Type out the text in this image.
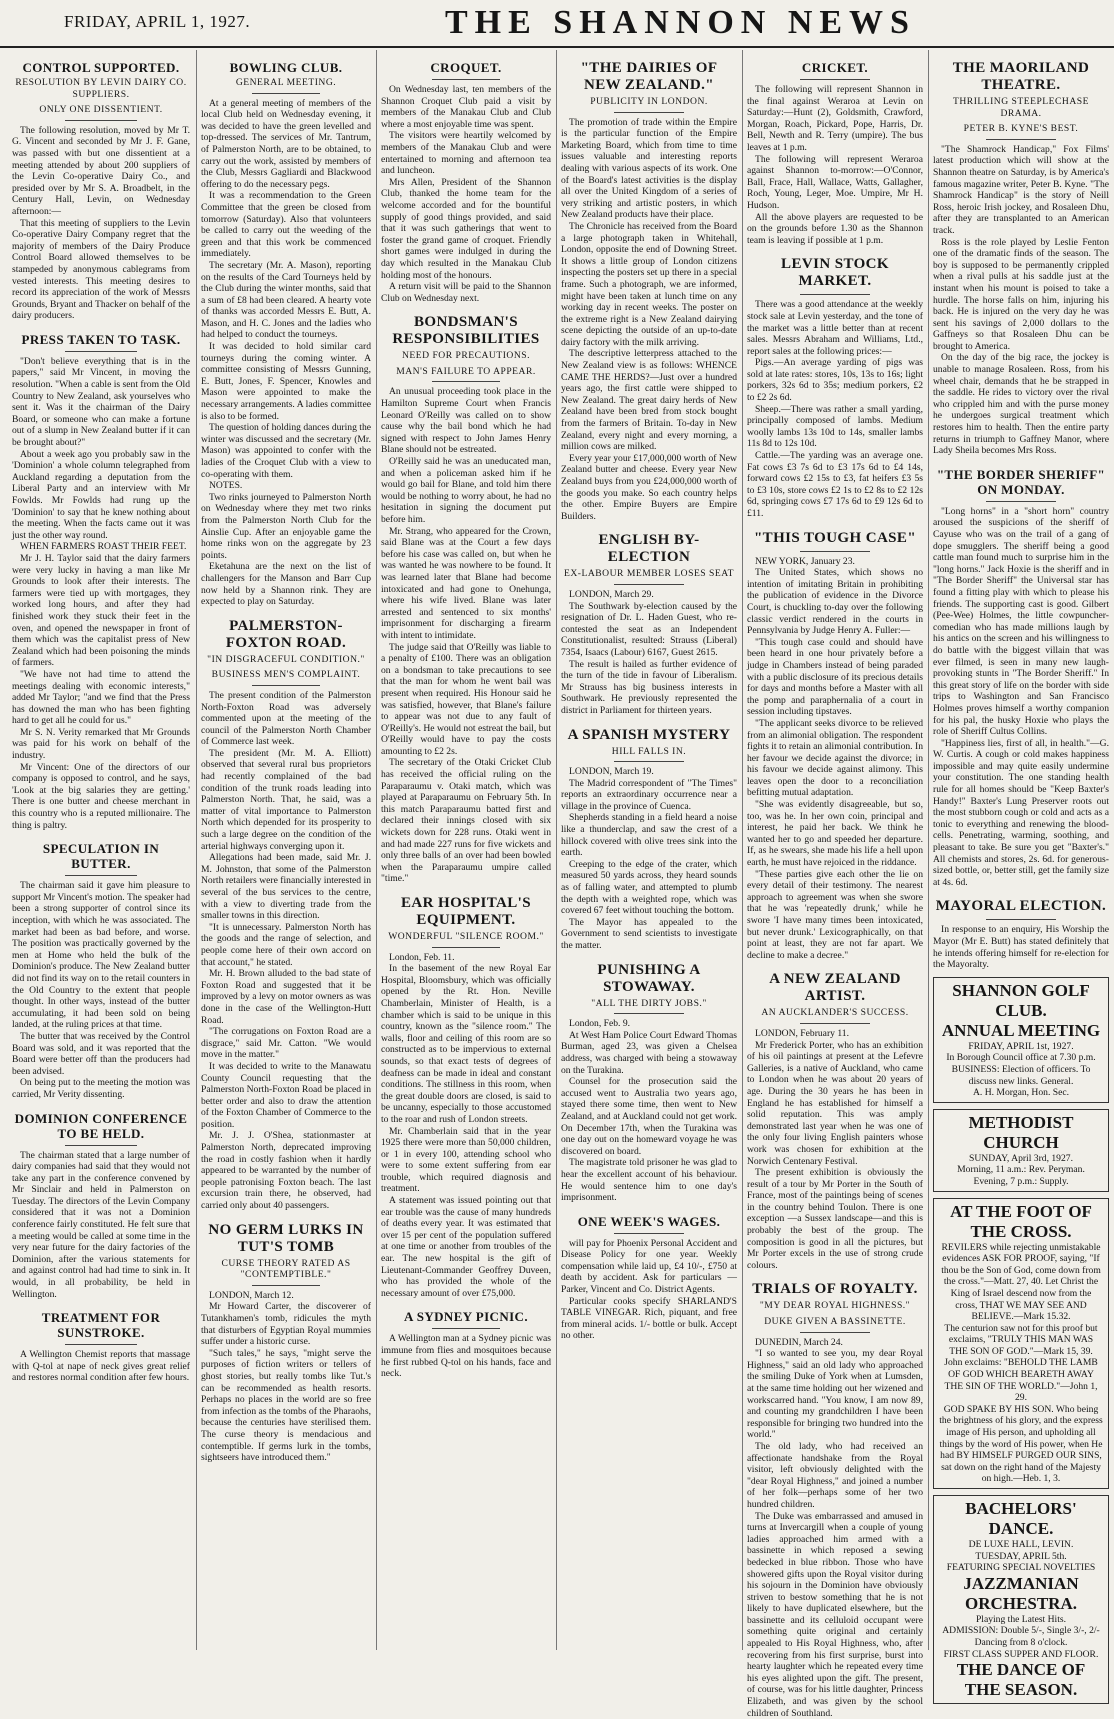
FRIDAY, APRIL 1, 1927.	THE SHANNON NEWS
CONTROL SUPPORTED.
RESOLUTION BY LEVIN DAIRY CO. SUPPLIERS.
ONLY ONE DISSENTIENT.

The following resolution, moved by Mr T. G. Vincent and seconded by Mr J. F. Gane, was passed with but one dissentient at a meeting attended by about 200 suppliers of the Levin Co-operative Dairy Co., and presided over by Mr S. A. Broadbelt, in the Century Hall, Levin, on Wednesday afternoon:—

That this meeting of suppliers to the Levin Co-operative Dairy Company regret that the majority of members of the Dairy Produce Control Board allowed themselves to be stampeded by anonymous cablegrams from vested interests. This meeting desires to record its appreciation of the work of Messrs Grounds, Bryant and Thacker on behalf of the dairy producers.

PRESS TAKEN TO TASK.

"Don't believe everything that is in the papers," said Mr Vincent, in moving the resolution. "When a cable is sent from the Old Country to New Zealand, ask yourselves who sent it. Was it the chairman of the Dairy Board, or someone who can make a fortune out of a slump in New Zealand butter if it can be brought about?"

About a week ago you probably saw in the 'Dominion' a whole column telegraphed from Auckland regarding a deputation from the Liberal Party and an interview with Mr Fowlds. Mr Fowlds had rung up the 'Dominion' to say that he knew nothing about the meeting. When the facts came out it was just the other way round.

WHEN FARMERS ROAST THEIR FEET.

Mr J. H. Taylor said that the dairy farmers were very lucky in having a man like Mr Grounds to look after their interests. The farmers were tied up with mortgages, they worked long hours, and after they had finished work they stuck their feet in the oven, and opened the newspaper in front of them which was the capitalist press of New Zealand which had been poisoning the minds of farmers.

"We have not had time to attend the meetings dealing with economic interests," added Mr Taylor; "and we find that the Press has downed the man who has been fighting hard to get all he could for us."

Mr S. N. Verity remarked that Mr Grounds was paid for his work on behalf of the industry.

Mr Vincent: One of the directors of our company is opposed to control, and he says, 'Look at the big salaries they are getting.' There is one butter and cheese merchant in this country who is a reputed millionaire. The thing is paltry.

SPECULATION IN BUTTER.

The chairman said it gave him pleasure to support Mr Vincent's motion. The speaker had been a strong supporter of control since its inception, with which he was associated. The market had been as bad before, and worse. The position was practically governed by the men at Home who held the bulk of the Dominion's produce. The New Zealand butter did not find its way on to the retail counters in the Old Country to the extent that people thought. In other ways, instead of the butter accumulating, it had been sold on being landed, at the ruling prices at that time.

The butter that was received by the Control Board was sold, and it was reported that the Board were better off than the producers had been advised.

On being put to the meeting the motion was carried, Mr Verity dissenting.

DOMINION CONFERENCE TO BE HELD.

The chairman stated that a large number of dairy companies had said that they would not take any part in the conference convened by Mr Sinclair and held in Palmerston on Tuesday. The directors of the Levin Company considered that it was not a Dominion conference fairly constituted. He felt sure that a meeting would be called at some time in the very near future for the dairy factories of the Dominion, after the various statements for and against control had had time to sink in. It would, in all probability, be held in Wellington.

TREATMENT FOR SUNSTROKE.

A Wellington Chemist reports that massage with Q-tol at nape of neck gives great relief and restores normal condition after few hours.

BOWLING CLUB.
GENERAL MEETING.

At a general meeting of members of the local Club held on Wednesday evening, it was decided to have the green levelled and top-dressed. The services of Mr. Tantrum, of Palmerston North, are to be obtained, to carry out the work, assisted by members of the Club, Messrs Gagliardi and Blackwood offering to do the necessary pegs.

It was a recommendation to the Green Committee that the green be closed from tomorrow (Saturday). Also that volunteers be called to carry out the weeding of the green and that this work be commenced immediately.

The secretary (Mr. A. Mason), reporting on the results of the Card Tourneys held by the Club during the winter months, said that a sum of £8 had been cleared. A hearty vote of thanks was accorded Messrs E. Butt, A. Mason, and H. C. Jones and the ladies who had helped to conduct the tourneys.

It was decided to hold similar card tourneys during the coming winter. A committee consisting of Messrs Gunning, E. Butt, Jones, F. Spencer, Knowles and Mason were appointed to make the necessary arrangements. A ladies committee is also to be formed.

The question of holding dances during the winter was discussed and the secretary (Mr. Mason) was appointed to confer with the ladies of the Croquet Club with a view to co-operating with them.

NOTES.

Two rinks journeyed to Palmerston North on Wednesday where they met two rinks from the Palmerston North Club for the Ainslie Cup. After an enjoyable game the home rinks won on the aggregate by 23 points.

Eketahuna are the next on the list of challengers for the Manson and Barr Cup now held by a Shannon rink. They are expected to play on Saturday.

PALMERSTON-FOXTON ROAD.
"IN DISGRACEFUL CONDITION."
BUSINESS MEN'S COMPLAINT.

The present condition of the Palmerston North-Foxton Road was adversely commented upon at the meeting of the council of the Palmerston North Chamber of Commerce last week.

The president (Mr. M. A. Elliott) observed that several rural bus proprietors had recently complained of the bad condition of the trunk roads leading into Palmerston North. That, he said, was a matter of vital importance to Palmerston North which depended for its prosperity to such a large degree on the condition of the arterial highways converging upon it.

Allegations had been made, said Mr. J. M. Johnston, that some of the Palmerston North retailers were financially interested in several of the bus services to the centre, with a view to diverting trade from the smaller towns in this direction.

"It is unnecessary. Palmerston North has the goods and the range of selection, and people come here of their own accord on that account," he stated.

Mr. H. Brown alluded to the bad state of Foxton Road and suggested that it be improved by a levy on motor owners as was done in the case of the Wellington-Hutt Road.

"The corrugations on Foxton Road are a disgrace," said Mr. Catton. "We would move in the matter."

It was decided to write to the Manawatu County Council requesting that the Palmerston North-Foxton Road be placed in better order and also to draw the attention of the Foxton Chamber of Commerce to the position.

Mr. J. J. O'Shea, stationmaster at Palmerston North, deprecated improving the road in costly fashion when it hardly appeared to be warranted by the number of people patronising Foxton beach. The last excursion train there, he observed, had carried only about 40 passengers.

NO GERM LURKS IN TUT'S TOMB
CURSE THEORY RATED AS "CONTEMPTIBLE."

LONDON, March 12.

Mr Howard Carter, the discoverer of Tutankhamen's tomb, ridicules the myth that disturbers of Egyptian Royal mummies suffer under a historic curse.

"Such tales," he says, "might serve the purposes of fiction writers or tellers of ghost stories, but really tombs like Tut.'s can be recommended as health resorts. Perhaps no places in the world are so free from infection as the tombs of the Pharaohs, because the centuries have sterilised them. The curse theory is mendacious and contemptible. If germs lurk in the tombs, sightseers have introduced them."

CROQUET.

On Wednesday last, ten members of the Shannon Croquet Club paid a visit by members of the Manakau Club and Club where a most enjoyable time was spent.

The visitors were heartily welcomed by members of the Manakau Club and were entertained to morning and afternoon tea and luncheon.

Mrs Allen, President of the Shannon Club, thanked the home team for the welcome accorded and for the bountiful supply of good things provided, and said that it was such gatherings that went to foster the grand game of croquet. Friendly short games were indulged in during the day which resulted in the Manakau Club holding most of the honours.

A return visit will be paid to the Shannon Club on Wednesday next.

BONDSMAN'S RESPONSIBILITIES
NEED FOR PRECAUTIONS.
MAN'S FAILURE TO APPEAR.

An unusual proceeding took place in the Hamilton Supreme Court when Francis Leonard O'Reilly was called on to show cause why the bail bond which he had signed with respect to John James Henry Blane should not be estreated.

O'Reilly said he was an uneducated man, and when a policeman asked him if he would go bail for Blane, and told him there would be nothing to worry about, he had no hesitation in signing the document put before him.

Mr. Strang, who appeared for the Crown, said Blane was at the Court a few days before his case was called on, but when he was wanted he was nowhere to be found. It was learned later that Blane had become intoxicated and had gone to Onehunga, where his wife lived. Blane was later arrested and sentenced to six months' imprisonment for discharging a firearm with intent to intimidate.

The judge said that O'Reilly was liable to a penalty of £100. There was an obligation on a bondsman to take precautions to see that the man for whom he went bail was present when required. His Honour said he was satisfied, however, that Blane's failure to appear was not due to any fault of O'Reilly's. He would not estreat the bail, but O'Reilly would have to pay the costs amounting to £2 2s.

The secretary of the Otaki Cricket Club has received the official ruling on the Paraparaumu v. Otaki match, which was played at Paraparaumu on February 5th. In this match Paraparaumu batted first and declared their innings closed with six wickets down for 228 runs. Otaki went in and had made 227 runs for five wickets and only three balls of an over had been bowled when the Paraparaumu umpire called "time."

EAR HOSPITAL'S EQUIPMENT.
WONDERFUL "SILENCE ROOM."

London, Feb. 11.

In the basement of the new Royal Ear Hospital, Bloomsbury, which was officially opened by the Rt. Hon. Neville Chamberlain, Minister of Health, is a chamber which is said to be unique in this country, known as the "silence room." The walls, floor and ceiling of this room are so constructed as to be impervious to external sounds, so that exact tests of degrees of deafness can be made in ideal and constant conditions. The stillness in this room, when the great double doors are closed, is said to be uncanny, especially to those accustomed to the roar and rush of London streets.

Mr. Chamberlain said that in the year 1925 there were more than 50,000 children, or 1 in every 100, attending school who were to some extent suffering from ear trouble, which required diagnosis and treatment.

A statement was issued pointing out that ear trouble was the cause of many hundreds of deaths every year. It was estimated that over 15 per cent of the population suffered at one time or another from troubles of the ear. The new hospital is the gift of Lieutenant-Commander Geoffrey Duveen, who has provided the whole of the necessary amount of over £75,000.

A SYDNEY PICNIC.

A Wellington man at a Sydney picnic was immune from flies and mosquitoes because he first rubbed Q-tol on his hands, face and neck.

"THE DAIRIES OF NEW ZEALAND."
PUBLICITY IN LONDON.

The promotion of trade within the Empire is the particular function of the Empire Marketing Board, which from time to time issues valuable and interesting reports dealing with various aspects of its work. One of the Board's latest activities is the display all over the United Kingdom of a series of very striking and artistic posters, in which New Zealand products have their place.

The Chronicle has received from the Board a large photograph taken in Whitehall, London, opposite the end of Downing Street. It shows a little group of London citizens inspecting the posters set up there in a special frame. Such a photograph, we are informed, might have been taken at lunch time on any working day in recent weeks. The poster on the extreme right is a New Zealand dairying scene depicting the outside of an up-to-date dairy factory with the milk arriving.

The descriptive letterpress attached to the New Zealand view is as follows: WHENCE CAME THE HERDS?—Just over a hundred years ago, the first cattle were shipped to New Zealand. The great dairy herds of New Zealand have been bred from stock bought from the farmers of Britain. To-day in New Zealand, every night and every morning, a million cows are milked.

Every year your £17,000,000 worth of New Zealand butter and cheese. Every year New Zealand buys from you £24,000,000 worth of the goods you make. So each country helps the other. Empire Buyers are Empire Builders.

ENGLISH BY-ELECTION
EX-LABOUR MEMBER LOSES SEAT

LONDON, March 29.

The Southwark by-election caused by the resignation of Dr. L. Haden Guest, who re-contested the seat as an Independent Constitutionalist, resulted: Strauss (Liberal) 7354, Isaacs (Labour) 6167, Guest 2615.

The result is hailed as further evidence of the turn of the tide in favour of Liberalism. Mr Strauss has big business interests in Southwark. He previously represented the district in Parliament for thirteen years.

A SPANISH MYSTERY
HILL FALLS IN.

LONDON, March 19.

The Madrid correspondent of "The Times" reports an extraordinary occurrence near a village in the province of Cuenca.

Shepherds standing in a field heard a noise like a thunderclap, and saw the crest of a hillock covered with olive trees sink into the earth.

Creeping to the edge of the crater, which measured 50 yards across, they heard sounds as of falling water, and attempted to plumb the depth with a weighted rope, which was covered 67 feet without touching the bottom.

The Mayor has appealed to the Government to send scientists to investigate the matter.

PUNISHING A STOWAWAY.
"ALL THE DIRTY JOBS."

London, Feb. 9.

At West Ham Police Court Edward Thomas Burman, aged 23, was given a Chelsea address, was charged with being a stowaway on the Turakina.

Counsel for the prosecution said the accused went to Australia two years ago, stayed there some time, then went to New Zealand, and at Auckland could not get work. On December 17th, when the Turakina was one day out on the homeward voyage he was discovered on board.

The magistrate told prisoner he was glad to hear the excellent account of his behaviour. He would sentence him to one day's imprisonment.

ONE WEEK'S WAGES.

will pay for Phoenix Personal Accident and Disease Policy for one year. Weekly compensation while laid up, £4 10/-, £750 at death by accident. Ask for particulars — Parker, Vincent and Co. District Agents.

Particular cooks specify SHARLAND'S TABLE VINEGAR. Rich, piquant, and free from mineral acids. 1/- bottle or bulk. Accept no other.

CRICKET.

The following will represent Shannon in the final against Weraroa at Levin on Saturday:—Hunt (2), Goldsmith, Crawford, Morgan, Roach, Pickard, Pope, Harris, Dr. Bell, Newth and R. Terry (umpire). The bus leaves at 1 p.m.

The following will represent Weraroa against Shannon to-morrow:—O'Connor, Ball, Frace, Hall, Wallace, Watts, Gallagher, Roch, Young, Leger, Moe. Umpire, Mr H. Hudson.

All the above players are requested to be on the grounds before 1.30 as the Shannon team is leaving if possible at 1 p.m.

LEVIN STOCK MARKET.

There was a good attendance at the weekly stock sale at Levin yesterday, and the tone of the market was a little better than at recent sales. Messrs Abraham and Williams, Ltd., report sales at the following prices:—

Pigs.—An average yarding of pigs was sold at late rates: stores, 10s, 13s to 16s; light porkers, 32s 6d to 35s; medium porkers, £2 to £2 2s 6d.

Sheep.—There was rather a small yarding, principally composed of lambs. Medium woolly lambs 13s 10d to 14s, smaller lambs 11s 8d to 12s 10d.

Cattle.—The yarding was an average one. Fat cows £3 7s 6d to £3 17s 6d to £4 14s, forward cows £2 15s to £3, fat heifers £3 5s to £3 10s, store cows £2 1s to £2 8s to £2 12s 6d, springing cows £7 17s 6d to £9 12s 6d to £11.

"THIS TOUGH CASE"

NEW YORK, January 23.

The United States, which shows no intention of imitating Britain in prohibiting the publication of evidence in the Divorce Court, is chuckling to-day over the following classic verdict rendered in the courts in Pennsylvania by Judge Henry A. Fuller:—

"This tough case could and should have been heard in one hour privately before a judge in Chambers instead of being paraded with a public disclosure of its precious details for days and months before a Master with all the pomp and paraphernalia of a court in session including tipstaves.

"The applicant seeks divorce to be relieved from an alimonial obligation. The respondent fights it to retain an alimonial contribution. In her favour we decide against the divorce; in his favour we decide against alimony. This leaves open the door to a reconciliation befitting mutual adaptation.

"She was evidently disagreeable, but so, too, was he. In her own coin, principal and interest, he paid her back. We think he wanted her to go and speeded her departure. If, as he swears, she made his life a hell upon earth, he must have rejoiced in the riddance.

"These parties give each other the lie on every detail of their testimony. The nearest approach to agreement was when she swore that he was 'repeatedly drunk,' while he swore 'I have many times been intoxicated, but never drunk.' Lexicographically, on that point at least, they are not far apart. We decline to make a decree."

A NEW ZEALAND ARTIST.
AN AUCKLANDER'S SUCCESS.

LONDON, February 11.

Mr Frederick Porter, who has an exhibition of his oil paintings at present at the Lefevre Galleries, is a native of Auckland, who came to London when he was about 20 years of age. During the 30 years he has been in England he has established for himself a solid reputation. This was amply demonstrated last year when he was one of the only four living English painters whose work was chosen for exhibition at the Norwich Centenary Festival.

The present exhibition is obviously the result of a tour by Mr Porter in the South of France, most of the paintings being of scenes in the country behind Toulon. There is one exception —a Sussex landscape—and this is probably the best of the group. The composition is good in all the pictures, but Mr Porter excels in the use of strong crude colours.

TRIALS OF ROYALTY.
"MY DEAR ROYAL HIGHNESS."
DUKE GIVEN A BASSINETTE.

DUNEDIN, March 24.

"I so wanted to see you, my dear Royal Highness," said an old lady who approached the smiling Duke of York when at Lumsden, at the same time holding out her wizened and workscarred hand. "You know, I am now 89, and counting my grandchildren I have been responsible for bringing two hundred into the world."

The old lady, who had received an affectionate handshake from the Royal visitor, left obviously delighted with the "dear Royal Highness," and joined a number of her folk—perhaps some of her two hundred children.

The Duke was embarrassed and amused in turns at Invercargill when a couple of young ladies approached him armed with a bassinette in which reposed a sewing bedecked in blue ribbon. Those who have showered gifts upon the Royal visitor during his sojourn in the Dominion have obviously striven to bestow something that he is not likely to have duplicated elsewhere, but the bassinette and its celluloid occupant were something quite original and certainly appealed to His Royal Highness, who, after recovering from his first surprise, burst into hearty laughter which he repeated every time his eyes alighted upon the gift. The present, of course, was for his little daughter, Princess Elizabeth, and was given by the school children of Southland.

THE MAORILAND THEATRE.
THRILLING STEEPLECHASE DRAMA.
PETER B. KYNE'S BEST.

"The Shamrock Handicap," Fox Films' latest production which will show at the Shannon theatre on Saturday, is by America's famous magazine writer, Peter B. Kyne. "The Shamrock Handicap" is the story of Neill Ross, heroic Irish jockey, and Rosaleen Dhu, after they are transplanted to an American track.

Ross is the role played by Leslie Fenton one of the dramatic finds of the season. The boy is supposed to be permanently crippled when a rival pulls at his saddle just at the instant when his mount is poised to take a hurdle. The horse falls on him, injuring his back. He is injured on the very day he was sent his savings of 2,000 dollars to the Gaffneys so that Rosaleen Dhu can be brought to America.

On the day of the big race, the jockey is unable to manage Rosaleen. Ross, from his wheel chair, demands that he be strapped in the saddle. He rides to victory over the rival who crippled him and with the purse money he undergoes surgical treatment which restores him to health. Then the entire party returns in triumph to Gaffney Manor, where Lady Sheila becomes Mrs Ross.

"THE BORDER SHERIFF" ON MONDAY.

"Long horns" in a "short horn" country aroused the suspicions of the sheriff of Cayuse who was on the trail of a gang of dope smugglers. The sheriff being a good cattle man found much to surprise him in the "long horns." Jack Hoxie is the sheriff and in "The Border Sheriff" the Universal star has found a fitting play with which to please his friends. The supporting cast is good. Gilbert (Pee-Wee) Holmes, the little cowpuncher-comedian who has made millions laugh by his antics on the screen and his willingness to do battle with the biggest villain that was ever filmed, is seen in many new laugh-provoking stunts in "The Border Sheriff." In this great story of life on the border with side trips to Washington and San Francisco Holmes proves himself a worthy companion for his pal, the husky Hoxie who plays the role of Sheriff Cultus Collins.

"Happiness lies, first of all, in health."—G. W. Curtis. A cough or cold makes happiness impossible and may quite easily undermine your constitution. The one standing health rule for all homes should be "Keep Baxter's Handy!" Baxter's Lung Preserver roots out the most stubborn cough or cold and acts as a tonic to everything and renewing the blood-cells. Penetrating, warming, soothing, and pleasant to take. Be sure you get "Baxter's." All chemists and stores, 2s. 6d. for generous-sized bottle, or, better still, get the family size at 4s. 6d.

MAYORAL ELECTION.

In response to an enquiry, His Worship the Mayor (Mr E. Butt) has stated definitely that he intends offering himself for re-election for the Mayoralty.

SHANNON GOLF CLUB.
ANNUAL MEETING
FRIDAY, APRIL 1st, 1927.
In Borough Council office at 7.30 p.m.
BUSINESS: Election of officers. To discuss new links. General.
A. H. Morgan, Hon. Sec.
METHODIST CHURCH
SUNDAY, April 3rd, 1927.
Morning, 11 a.m.: Rev. Peryman.
Evening, 7 p.m.: Supply.
AT THE FOOT OF THE CROSS.
REVILERS while rejecting unmistakable evidences ASK FOR PROOF, saying, "If thou be the Son of God, come down from the cross."—Matt. 27, 40. Let Christ the King of Israel descend now from the cross, THAT WE MAY SEE AND BELIEVE.—Mark 15.32.
The centurion saw not for this proof but exclaims, "TRULY THIS MAN WAS THE SON OF GOD."—Mark 15, 39.
John exclaims: "BEHOLD THE LAMB OF GOD WHICH BEARETH AWAY THE SIN OF THE WORLD."—John 1, 29.
GOD SPAKE BY HIS SON. Who being the brightness of his glory, and the express image of His person, and upholding all things by the word of His power, when He had BY HIMSELF PURGED OUR SINS, sat down on the right hand of the Majesty on high.—Heb. 1, 3.
BACHELORS' DANCE.
DE LUXE HALL, LEVIN.
TUESDAY, APRIL 5th.
FEATURING SPECIAL NOVELTIES
JAZZMANIAN ORCHESTRA.
Playing the Latest Hits.
ADMISSION: Double 5/-, Single 3/-, 2/- Dancing from 8 o'clock.
FIRST CLASS SUPPER AND FLOOR.
THE DANCE OF THE SEASON.
